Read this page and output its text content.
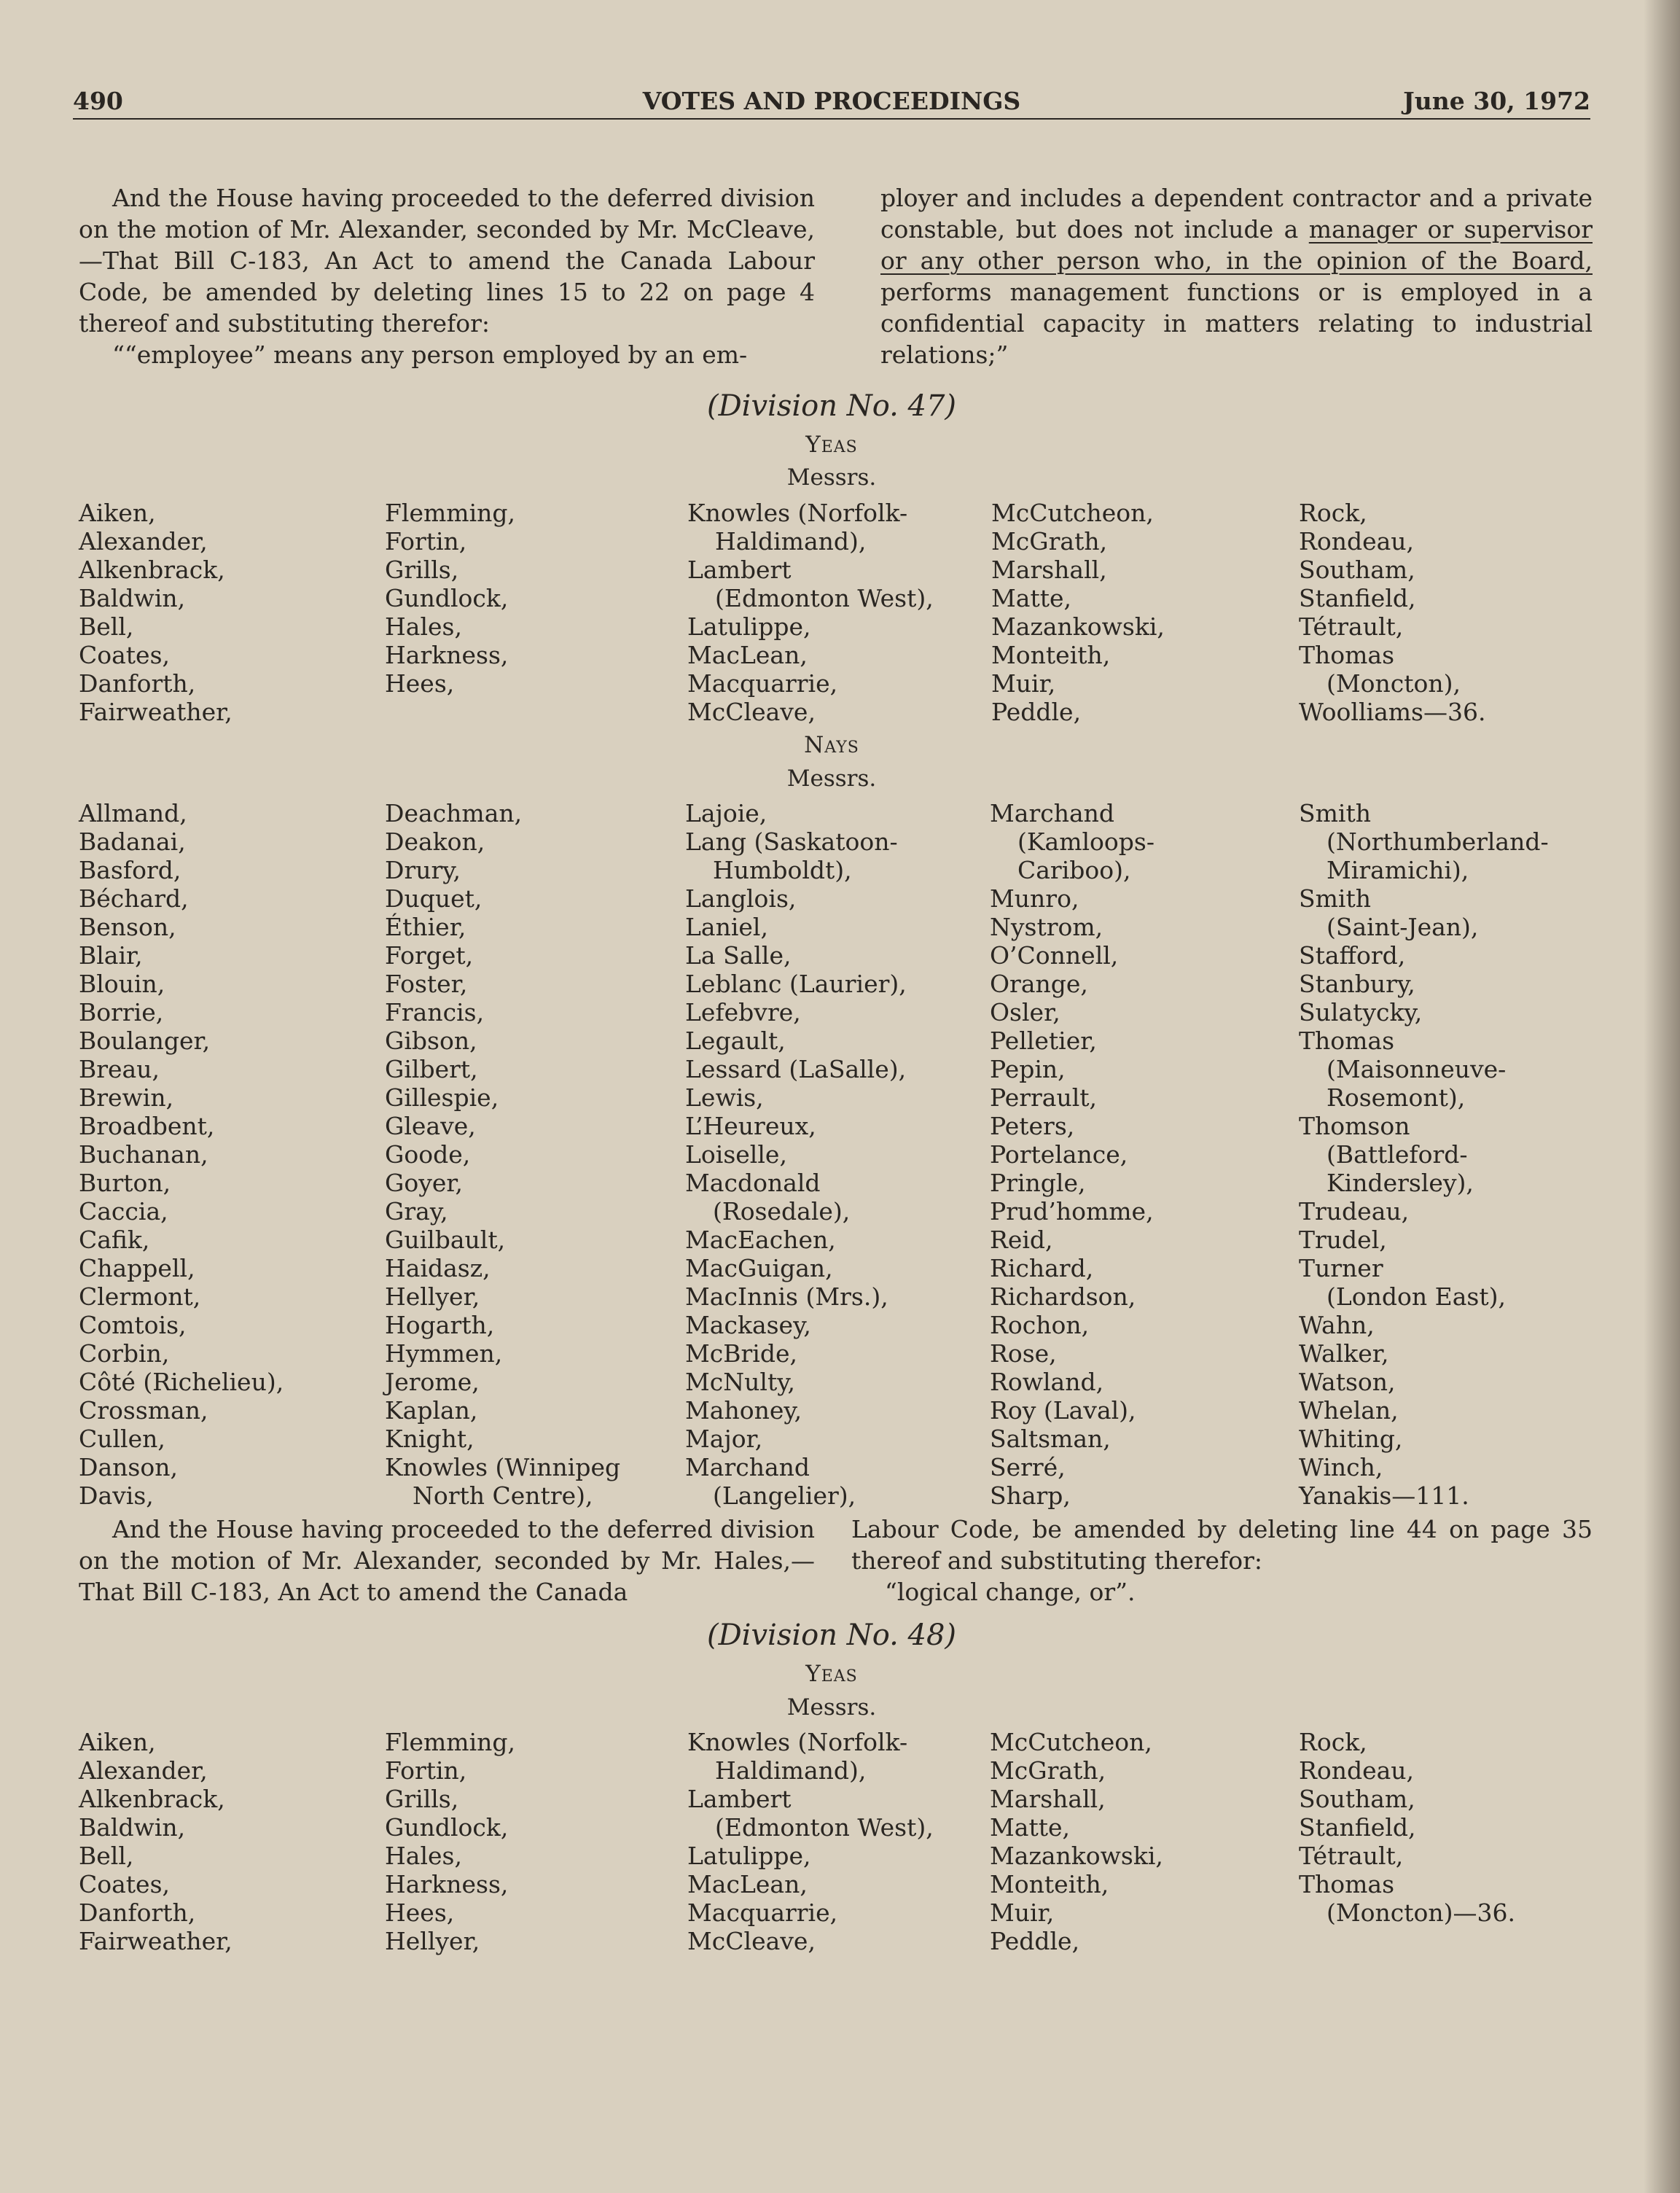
490	VOTES AND PROCEEDINGS	June 30, 1972

And the House having proceeded to the deferred division on the motion of Mr. Alexander, seconded by Mr. McCleave,—That Bill C-183, An Act to amend the Canada Labour Code, be amended by deleting lines 15 to 22 on page 4 thereof and substituting therefor:

““employee” means any person employed by an em-

ployer and includes a dependent contractor and a private constable, but does not include a manager or supervisor or any other person who, in the opinion of the Board, performs management functions or is employed in a confidential capacity in matters relating to industrial relations;”

(Division No. 47)
Yeas
Messrs.
Aiken,
Alexander,
Alkenbrack,
Baldwin,
Bell,
Coates,
Danforth,
Fairweather,
Flemming,
Fortin,
Grills,
Gundlock,
Hales,
Harkness,
Hees,
Knowles (Norfolk-
Haldimand),
Lambert
(Edmonton West),
Latulippe,
MacLean,
Macquarrie,
McCleave,
McCutcheon,
McGrath,
Marshall,
Matte,
Mazankowski,
Monteith,
Muir,
Peddle,
Rock,
Rondeau,
Southam,
Stanfield,
Tétrault,
Thomas
(Moncton),
Woolliams—36.
Nays
Messrs.
Allmand,
Badanai,
Basford,
Béchard,
Benson,
Blair,
Blouin,
Borrie,
Boulanger,
Breau,
Brewin,
Broadbent,
Buchanan,
Burton,
Caccia,
Cafik,
Chappell,
Clermont,
Comtois,
Corbin,
Côté (Richelieu),
Crossman,
Cullen,
Danson,
Davis,
Deachman,
Deakon,
Drury,
Duquet,
Éthier,
Forget,
Foster,
Francis,
Gibson,
Gilbert,
Gillespie,
Gleave,
Goode,
Goyer,
Gray,
Guilbault,
Haidasz,
Hellyer,
Hogarth,
Hymmen,
Jerome,
Kaplan,
Knight,
Knowles (Winnipeg
North Centre),
Lajoie,
Lang (Saskatoon-
Humboldt),
Langlois,
Laniel,
La Salle,
Leblanc (Laurier),
Lefebvre,
Legault,
Lessard (LaSalle),
Lewis,
L’Heureux,
Loiselle,
Macdonald
(Rosedale),
MacEachen,
MacGuigan,
MacInnis (Mrs.),
Mackasey,
McBride,
McNulty,
Mahoney,
Major,
Marchand
(Langelier),
Marchand
(Kamloops-
Cariboo),
Munro,
Nystrom,
O’Connell,
Orange,
Osler,
Pelletier,
Pepin,
Perrault,
Peters,
Portelance,
Pringle,
Prud’homme,
Reid,
Richard,
Richardson,
Rochon,
Rose,
Rowland,
Roy (Laval),
Saltsman,
Serré,
Sharp,
Smith
(Northumberland-
Miramichi),
Smith
(Saint-Jean),
Stafford,
Stanbury,
Sulatycky,
Thomas
(Maisonneuve-
Rosemont),
Thomson
(Battleford-
Kindersley),
Trudeau,
Trudel,
Turner
(London East),
Wahn,
Walker,
Watson,
Whelan,
Whiting,
Winch,
Yanakis—111.

And the House having proceeded to the deferred division on the motion of Mr. Alexander, seconded by Mr. Hales,—That Bill C-183, An Act to amend the Canada

Labour Code, be amended by deleting line 44 on page 35 thereof and substituting therefor:

“logical change, or”.

(Division No. 48)
Yeas
Messrs.
Aiken,
Alexander,
Alkenbrack,
Baldwin,
Bell,
Coates,
Danforth,
Fairweather,
Flemming,
Fortin,
Grills,
Gundlock,
Hales,
Harkness,
Hees,
Hellyer,
Knowles (Norfolk-
Haldimand),
Lambert
(Edmonton West),
Latulippe,
MacLean,
Macquarrie,
McCleave,
McCutcheon,
McGrath,
Marshall,
Matte,
Mazankowski,
Monteith,
Muir,
Peddle,
Rock,
Rondeau,
Southam,
Stanfield,
Tétrault,
Thomas
(Moncton)—36.
